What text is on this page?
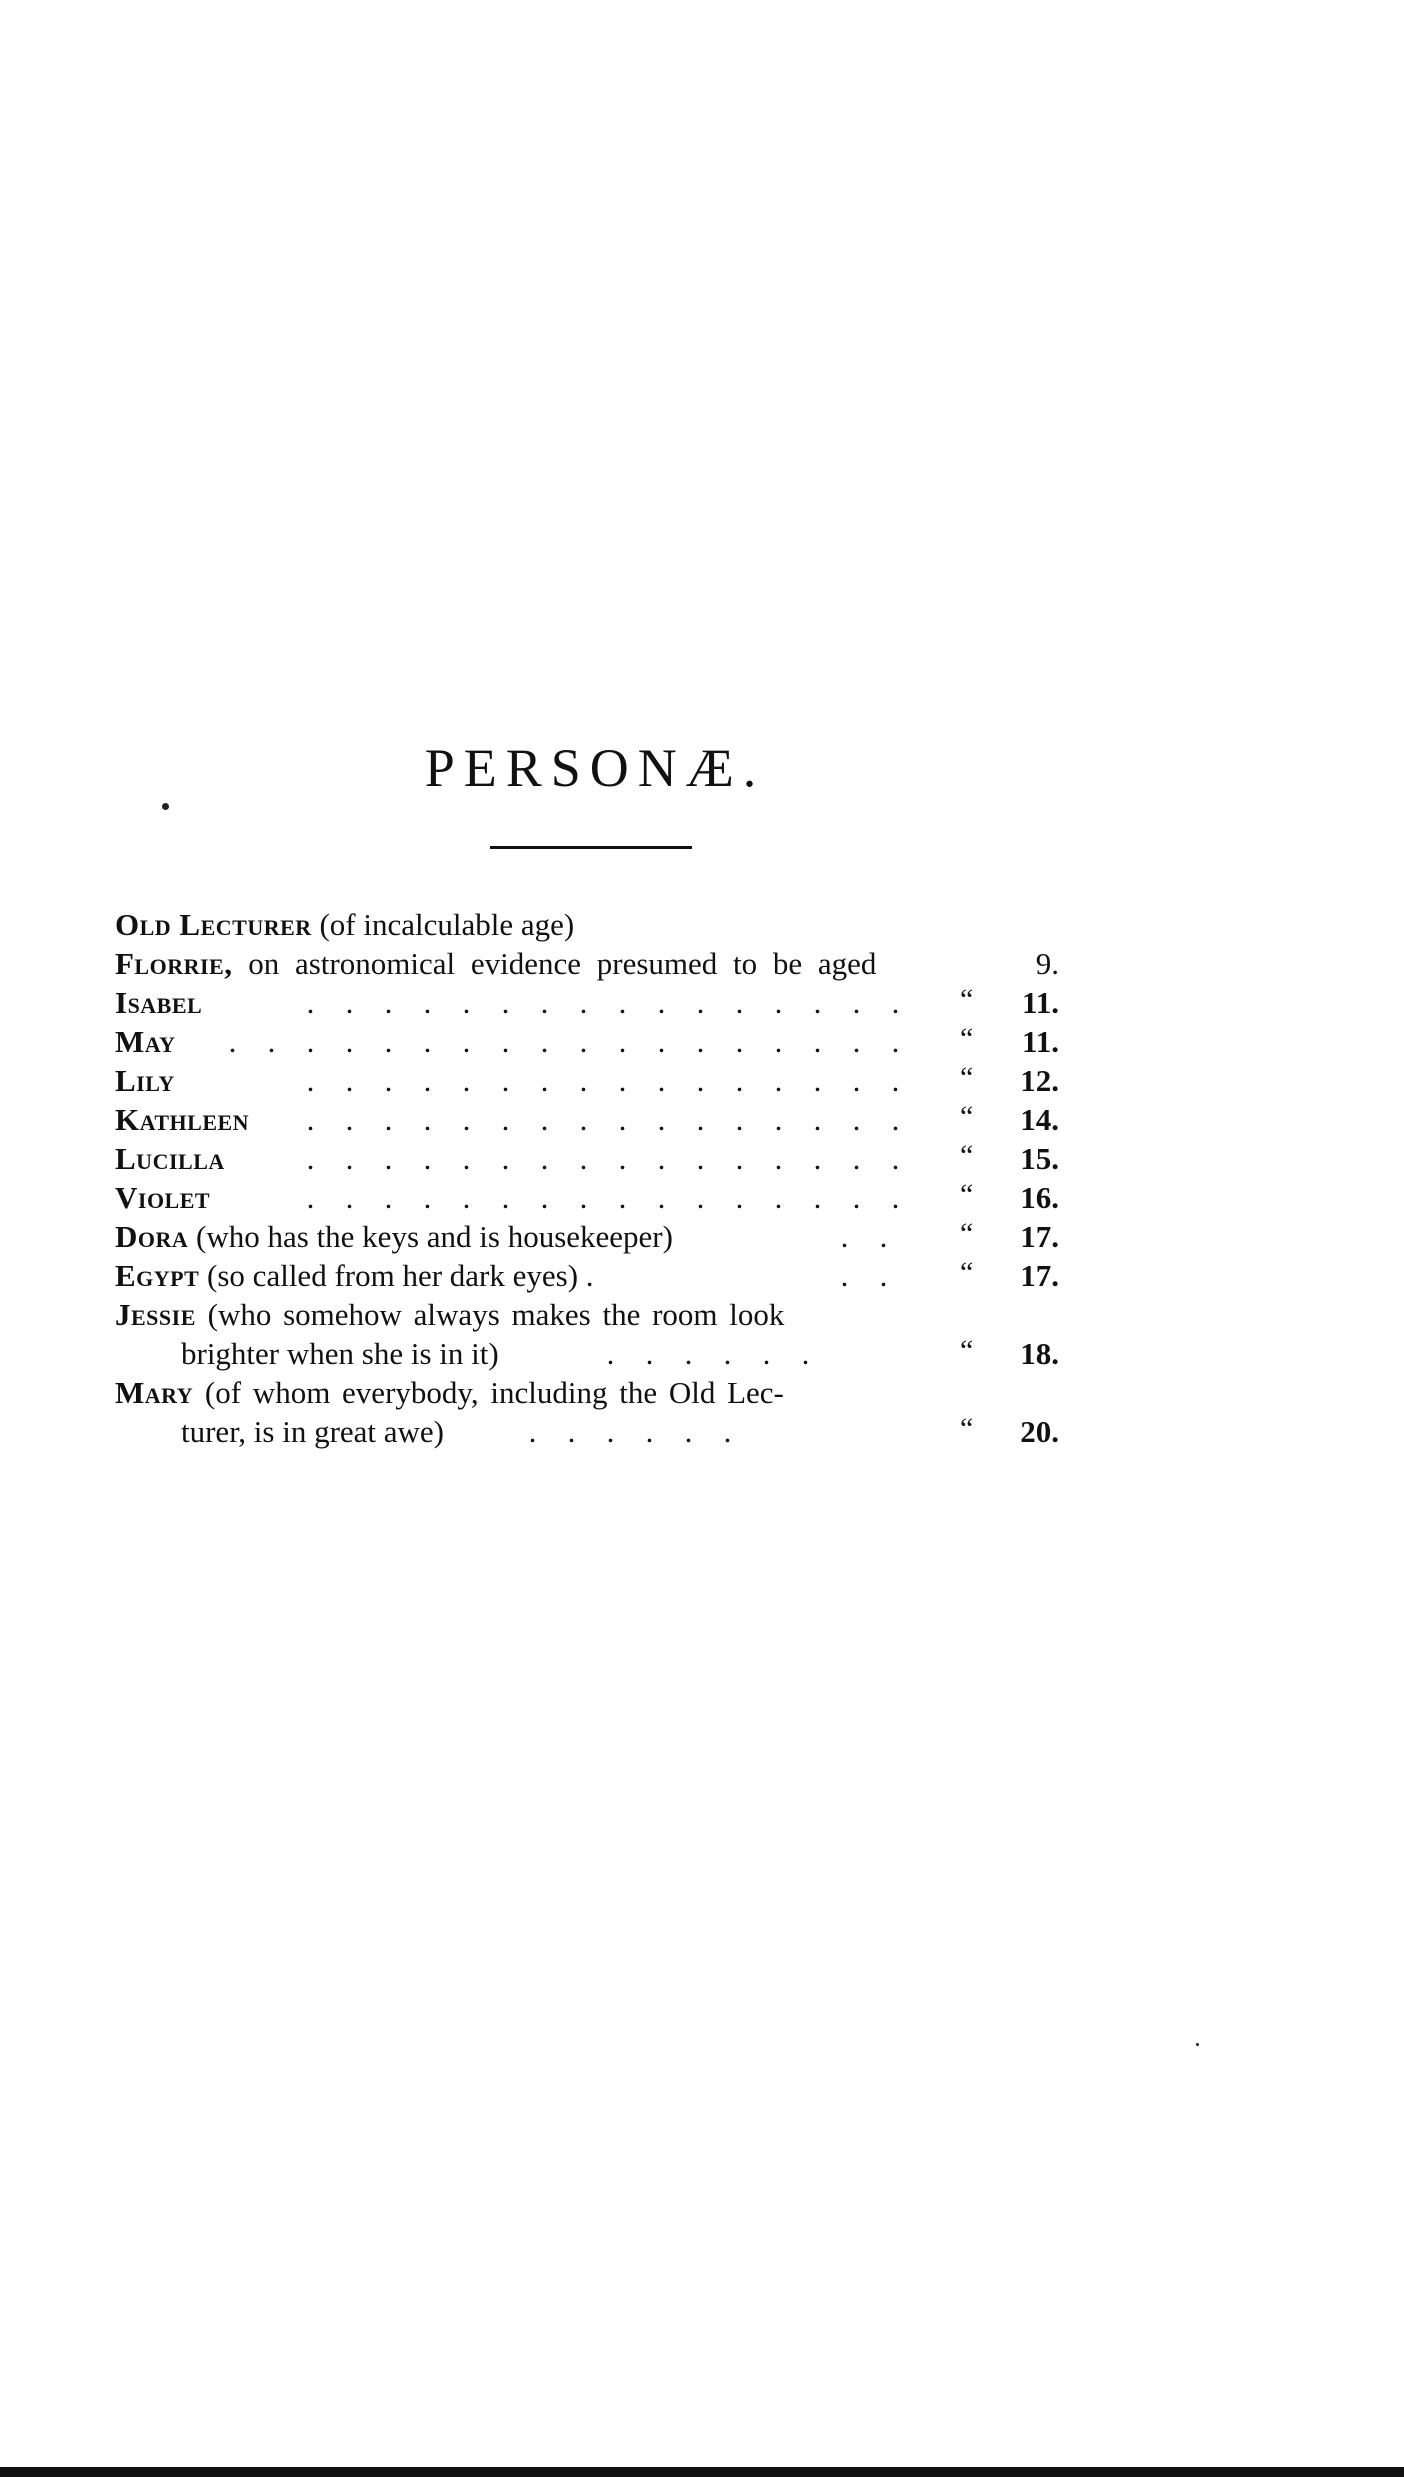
PERSONÆ.
Old Lecturer (of incalculable age)
Florrie, on astronomical evidence presumed to be aged	9.
Isabel	. . . . . . . . . . . . . . . .	“ 11.
May	. . . . . . . . . . . . . . . . . .	“ 11.
Lily	. . . . . . . . . . . . . . . .	“ 12.
Kathleen	. . . . . . . . . . . . . . . .	“ 14.
Lucilla	. . . . . . . . . . . . . . . .	“ 15.
Violet	. . . . . . . . . . . . . . . .	“ 16.
Dora (who has the keys and is housekeeper)	. .	“ 17.
Egypt (so called from her dark eyes) .	. .	“ 17.
Jessie (who somehow always makes the room look
brighter when she is in it)	. . . . . .	“ 18.
Mary (of whom everybody, including the Old Lec-
turer, is in great awe)	. . . . . .	“ 20.
